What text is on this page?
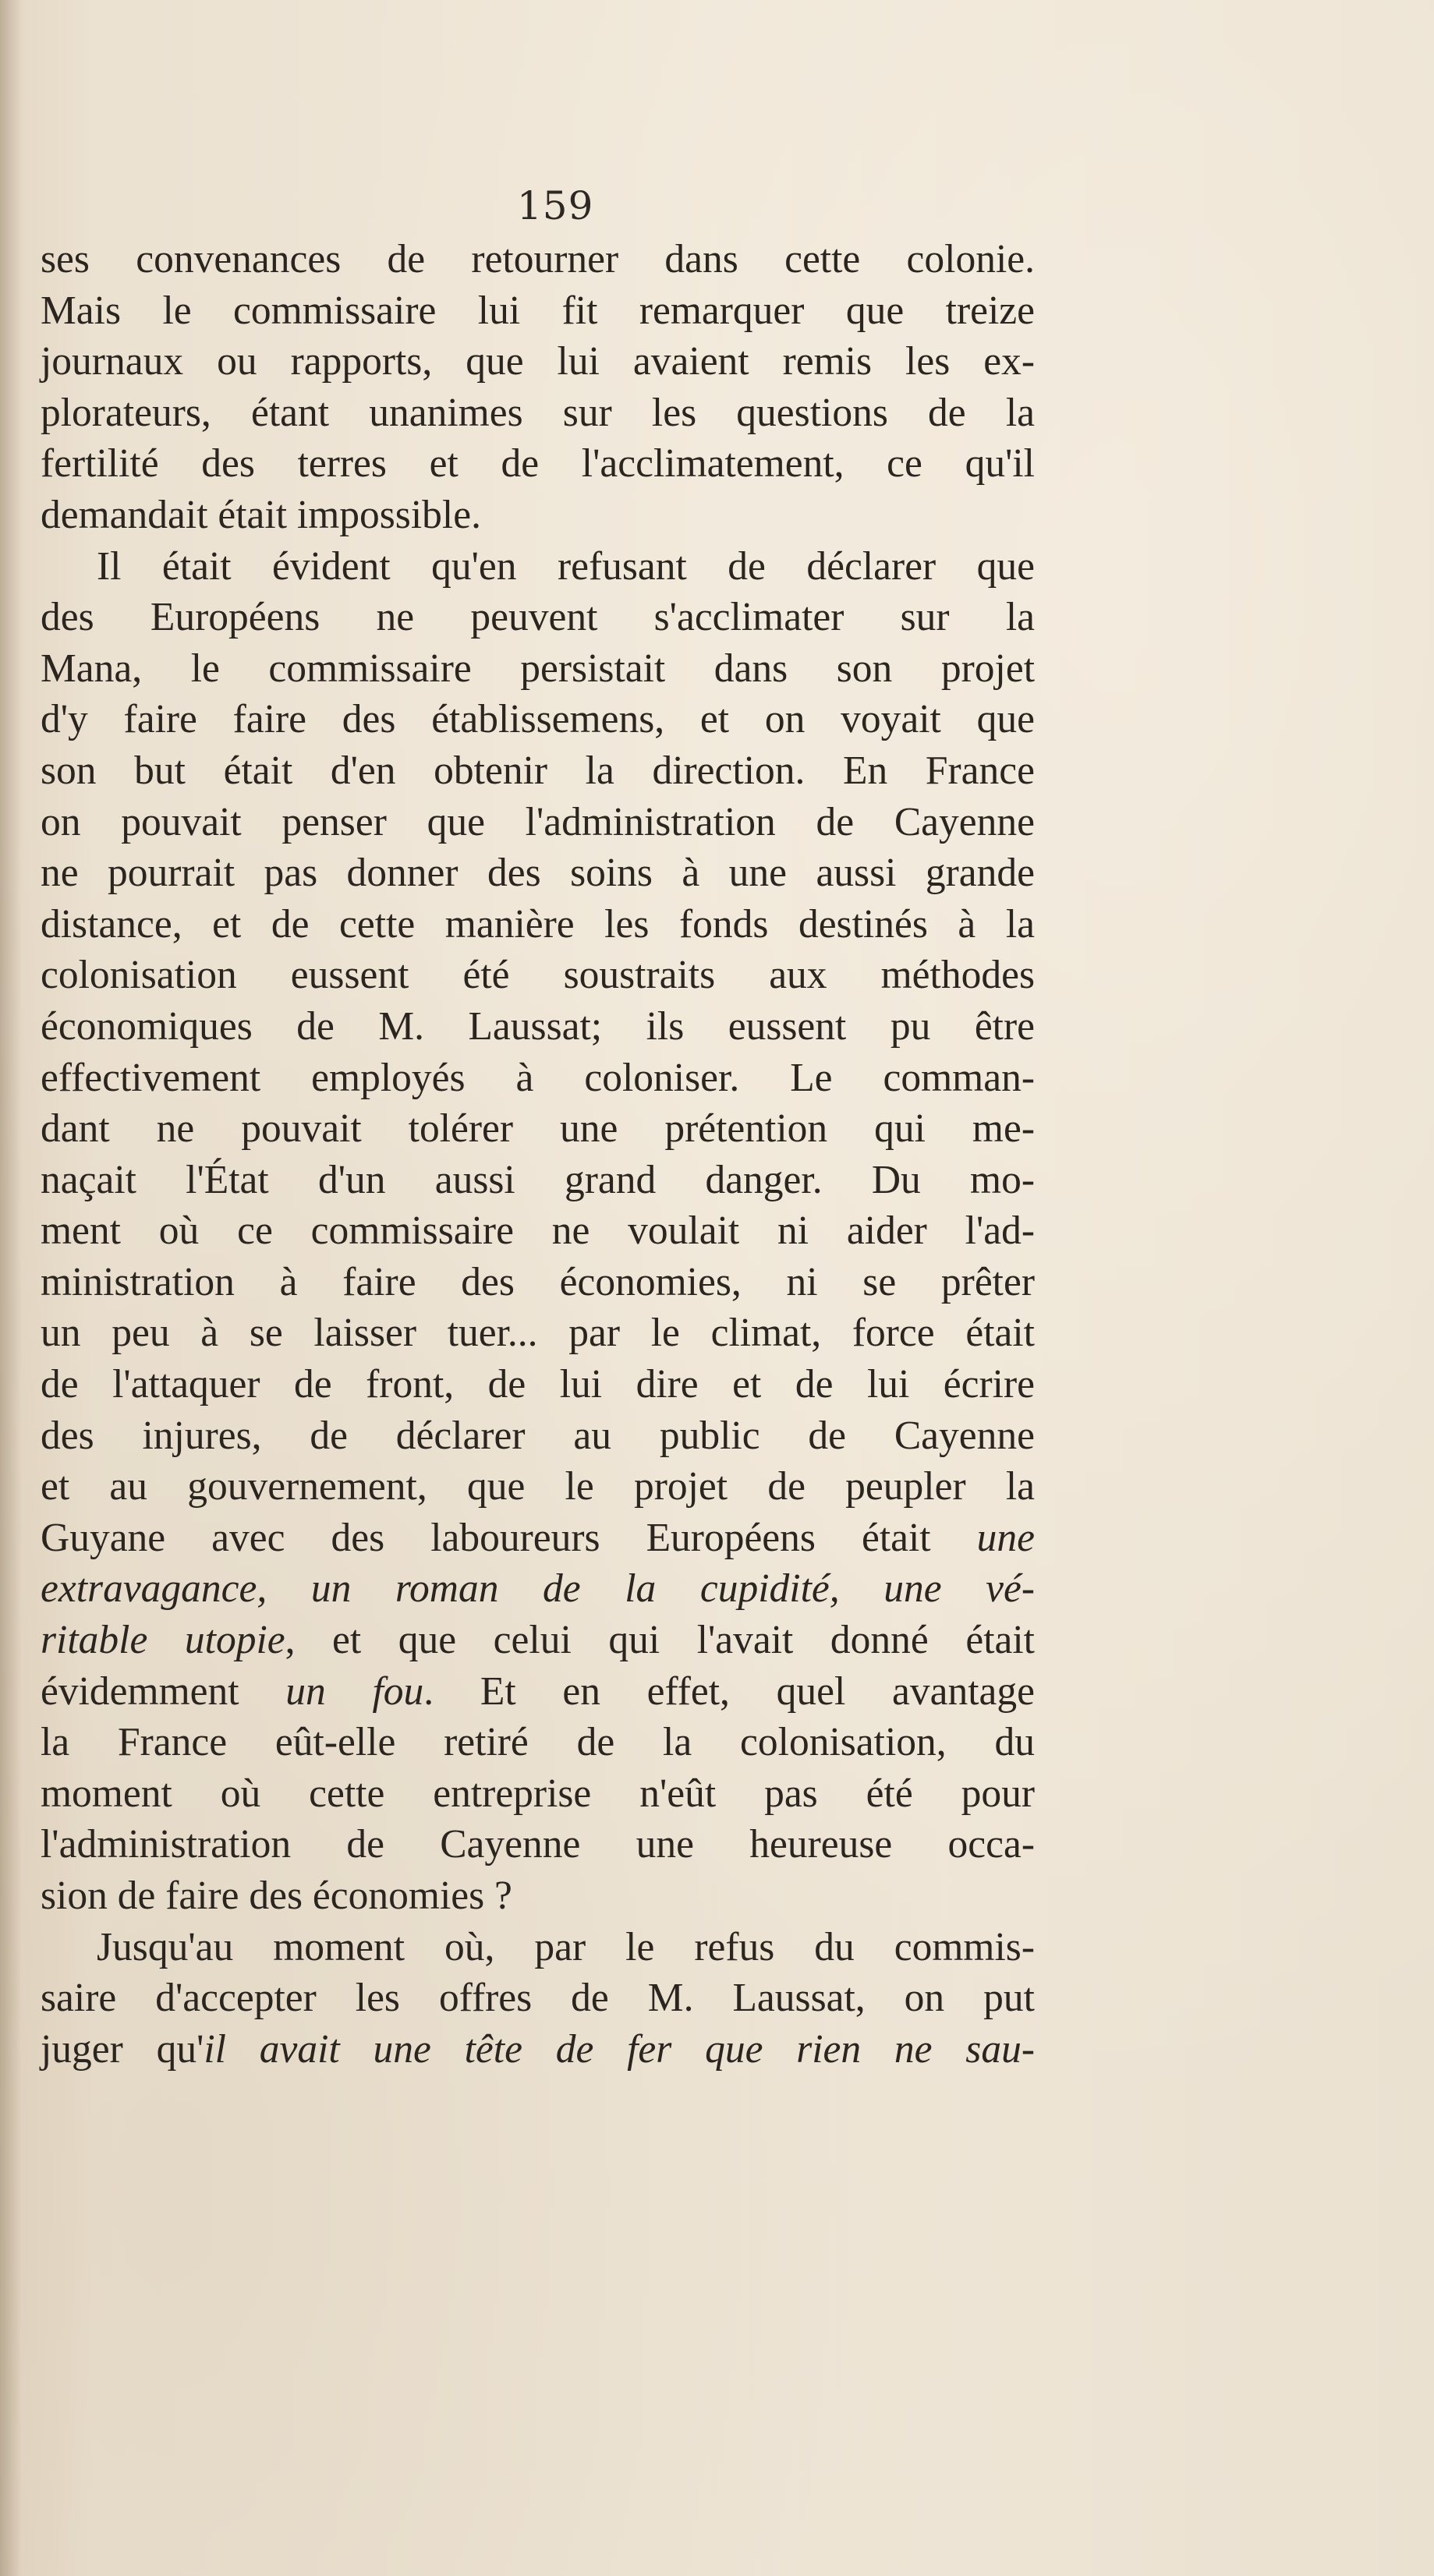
159
ses convenances de retourner dans cette colonie.
Mais le commissaire lui fit remarquer que treize
journaux ou rapports, que lui avaient remis les ex-
plorateurs, étant unanimes sur les questions de la
fertilité des terres et de l'acclimatement, ce qu'il
demandait était impossible.
Il était évident qu'en refusant de déclarer que
des Européens ne peuvent s'acclimater sur la
Mana, le commissaire persistait dans son projet
d'y faire faire des établissemens, et on voyait que
son but était d'en obtenir la direction. En France
on pouvait penser que l'administration de Cayenne
ne pourrait pas donner des soins à une aussi grande
distance, et de cette manière les fonds destinés à la
colonisation eussent été soustraits aux méthodes
économiques de M. Laussat; ils eussent pu être
effectivement employés à coloniser. Le comman-
dant ne pouvait tolérer une prétention qui me-
naçait l'État d'un aussi grand danger. Du mo-
ment où ce commissaire ne voulait ni aider l'ad-
ministration à faire des économies, ni se prêter
un peu à se laisser tuer... par le climat, force était
de l'attaquer de front, de lui dire et de lui écrire
des injures, de déclarer au public de Cayenne
et au gouvernement, que le projet de peupler la
Guyane avec des laboureurs Européens était une
extravagance, un roman de la cupidité, une vé-
ritable utopie, et que celui qui l'avait donné était
évidemment un fou. Et en effet, quel avantage
la France eût-elle retiré de la colonisation, du
moment où cette entreprise n'eût pas été pour
l'administration de Cayenne une heureuse occa-
sion de faire des économies ?
Jusqu'au moment où, par le refus du commis-
saire d'accepter les offres de M. Laussat, on put
juger qu'il avait une tête de fer que rien ne sau-
